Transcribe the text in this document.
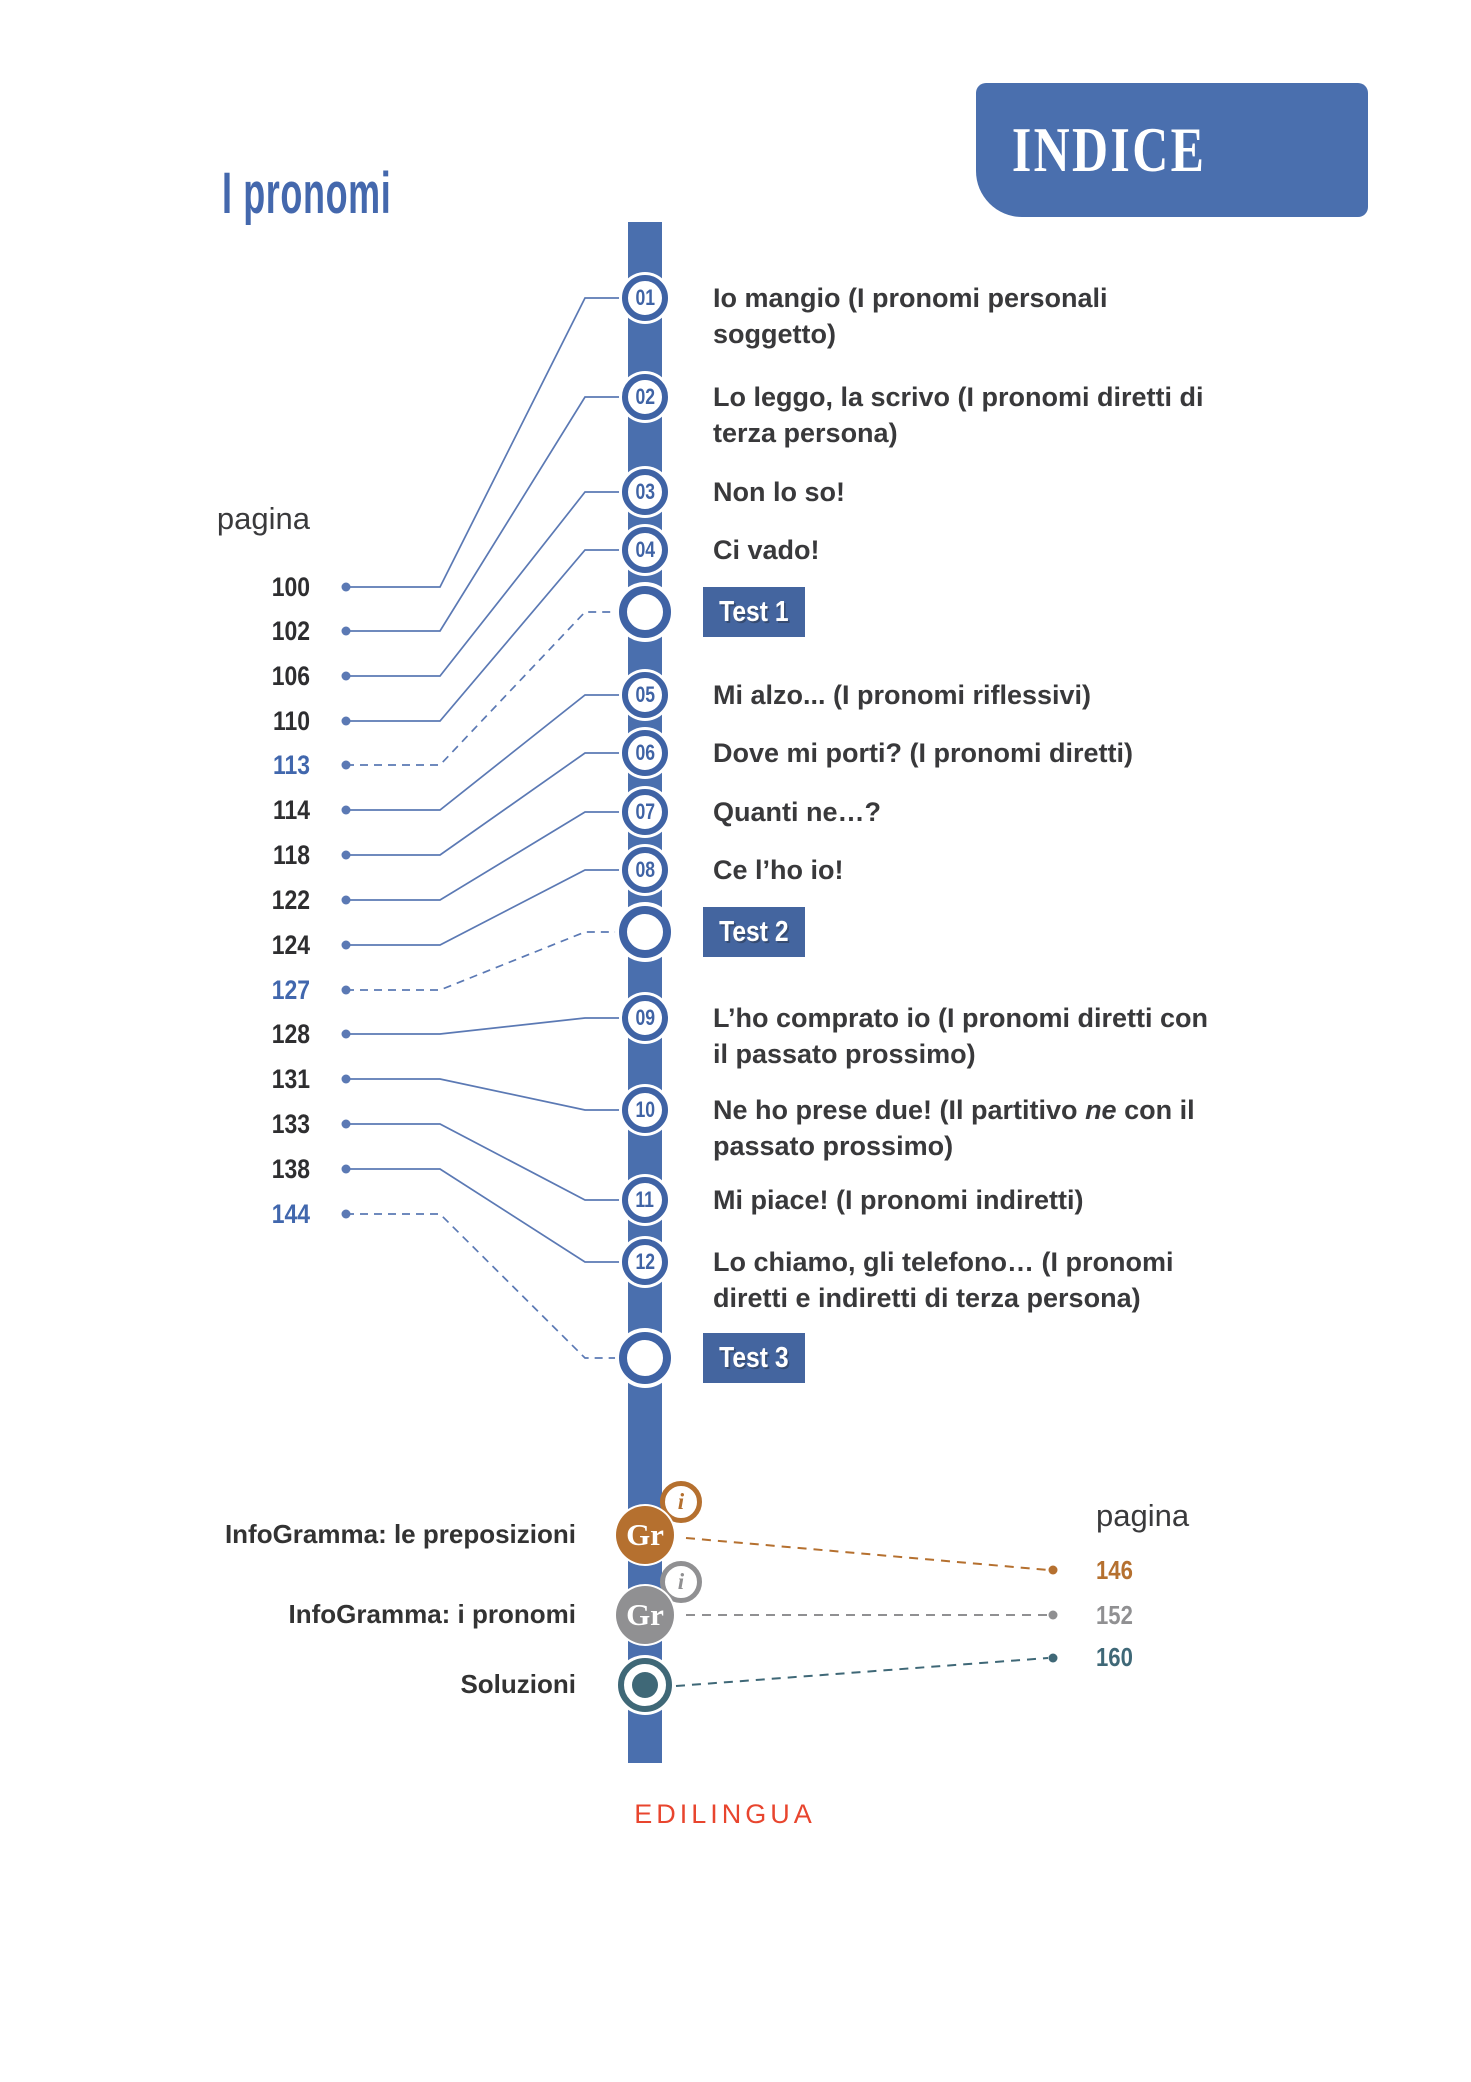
I pronomi
INDICE
pagina
100
01 Io mangio (I pronomi personali
soggetto)
102
02 Lo leggo, la scrivo (I pronomi diretti di
terza persona)
106
03 Non lo so!
110
04 Ci vado!
113
Test 1
114
05 Mi alzo... (I pronomi riflessivi)
118
06 Dove mi porti? (I pronomi diretti)
122
07 Quanti ne…?
124
08 Ce l’ho io!
127
Test 2
128
09 L’ho comprato io (I pronomi diretti con
il passato prossimo)
131
10 Ne ho prese due! (Il partitivo ne con il
passato prossimo)
133
11 Mi piace! (I pronomi indiretti)
138
12 Lo chiamo, gli telefono… (I pronomi
diretti e indiretti di terza persona)
144
Test 3
InfoGramma: le preposizioni
i
Gr
146
InfoGramma: i pronomi
i
Gr	152
Soluzioni
160
pagina
EDILINGUA
